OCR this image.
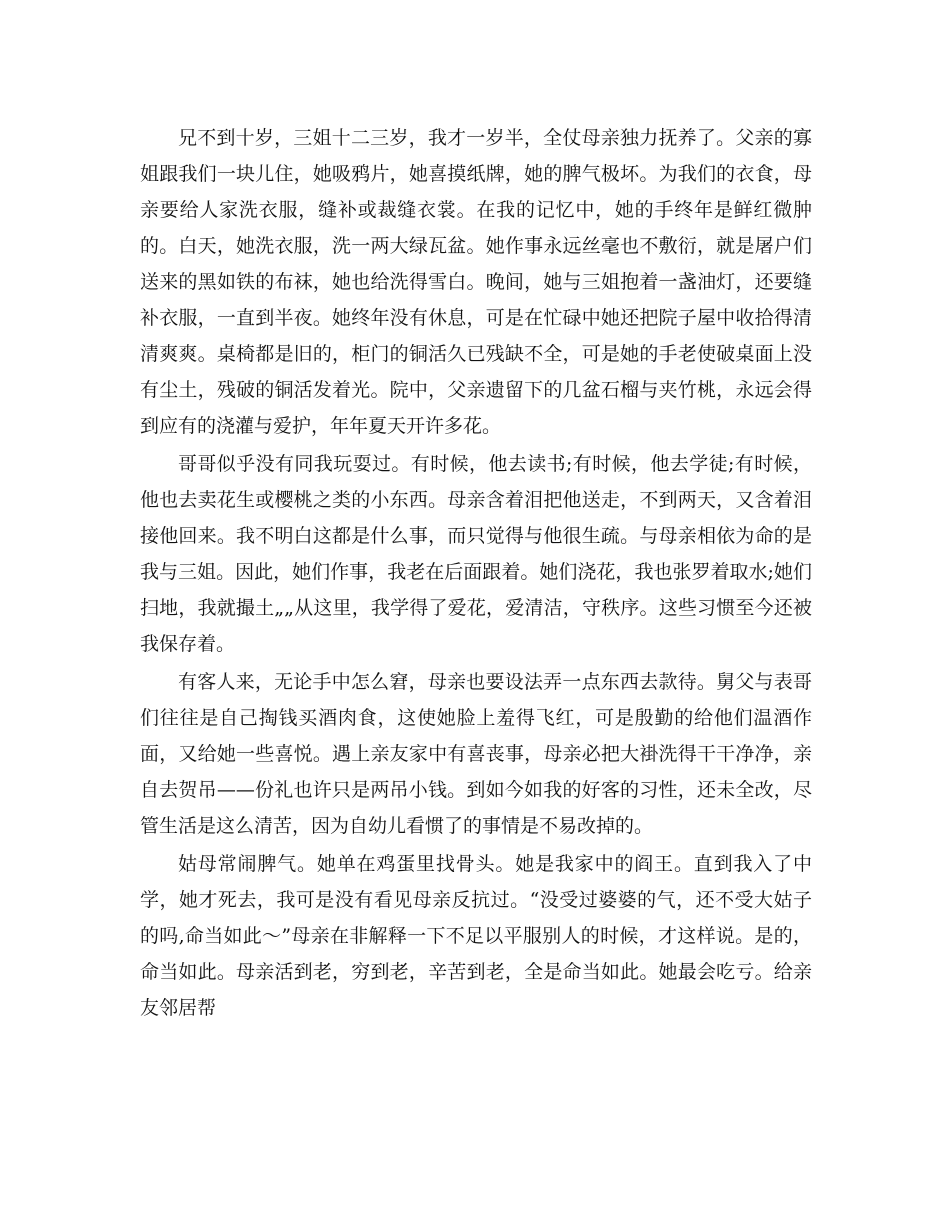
兄不到十岁，三姐十二三岁，我才一岁半，全仗母亲独力抚养了。父亲的寡姐跟我们一块儿住，她吸鸦片，她喜摸纸牌，她的脾气极坏。为我们的衣食，母亲要给人家洗衣服，缝补或裁缝衣裳。在我的记忆中，她的手终年是鲜红微肿的。白天，她洗衣服，洗一两大绿瓦盆。她作事永远丝毫也不敷衍，就是屠户们送来的黑如铁的布袜，她也给洗得雪白。晚间，她与三姐抱着一盏油灯，还要缝补衣服，一直到半夜。她终年没有休息，可是在忙碌中她还把院子屋中收拾得清清爽爽。桌椅都是旧的，柜门的铜活久已残缺不全，可是她的手老使破桌面上没有尘土，残破的铜活发着光。院中，父亲遗留下的几盆石榴与夹竹桃，永远会得到应有的浇灌与爱护，年年夏天开许多花。

哥哥似乎没有同我玩耍过。有时候，他去读书;有时候，他去学徒;有时候，他也去卖花生或樱桃之类的小东西。母亲含着泪把他送走，不到两天，又含着泪接他回来。我不明白这都是什么事，而只觉得与他很生疏。与母亲相依为命的是我与三姐。因此，她们作事，我老在后面跟着。她们浇花，我也张罗着取水;她们扫地，我就撮土„„从这里，我学得了爱花，爱清洁，守秩序。这些习惯至今还被我保存着。

有客人来，无论手中怎么窘，母亲也要设法弄一点东西去款待。舅父与表哥们往往是自己掏钱买酒肉食，这使她脸上羞得飞红，可是殷勤的给他们温酒作面，又给她一些喜悦。遇上亲友家中有喜丧事，母亲必把大褂洗得干干净净，亲自去贺吊——份礼也许只是两吊小钱。到如今如我的好客的习性，还未全改，尽管生活是这么清苦，因为自幼儿看惯了的事情是不易改掉的。

姑母常闹脾气。她单在鸡蛋里找骨头。她是我家中的阎王。直到我入了中学，她才死去，我可是没有看见母亲反抗过。“没受过婆婆的气，还不受大姑子的吗,命当如此～”母亲在非解释一下不足以平服别人的时候，才这样说。是的，命当如此。母亲活到老，穷到老，辛苦到老，全是命当如此。她最会吃亏。给亲友邻居帮
